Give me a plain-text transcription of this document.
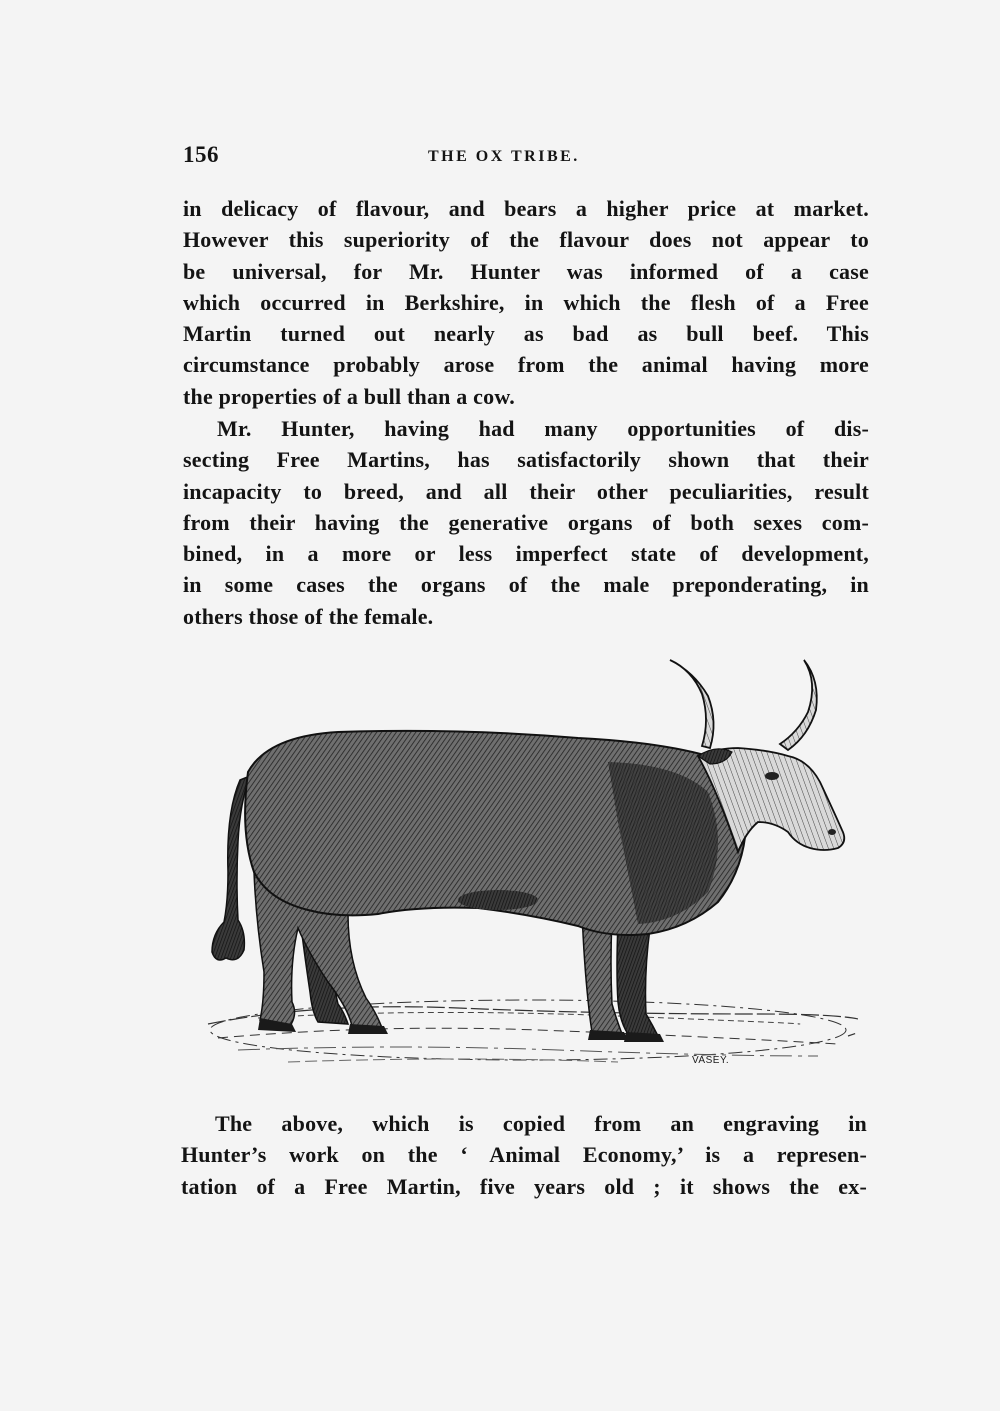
156	THE OX TRIBE.

in delicacy of flavour, and bears a higher price at market.
However this superiority of the flavour does not appear to
be universal, for Mr. Hunter was informed of a case
which occurred in Berkshire, in which the flesh of a Free
Martin turned out nearly as bad as bull beef. This
circumstance probably arose from the animal having more
the properties of a bull than a cow.

Mr. Hunter, having had many opportunities of dis-
secting Free Martins, has satisfactorily shown that their
incapacity to breed, and all their other peculiarities, result
from their having the generative organs of both sexes com-
bined, in a more or less imperfect state of development,
in some cases the organs of the male preponderating, in
others those of the female.

VASEY.

The above, which is copied from an engraving in
Hunter’s work on the ‘ Animal Economy,’ is a represen-
tation of a Free Martin, five years old ; it shows the ex-
